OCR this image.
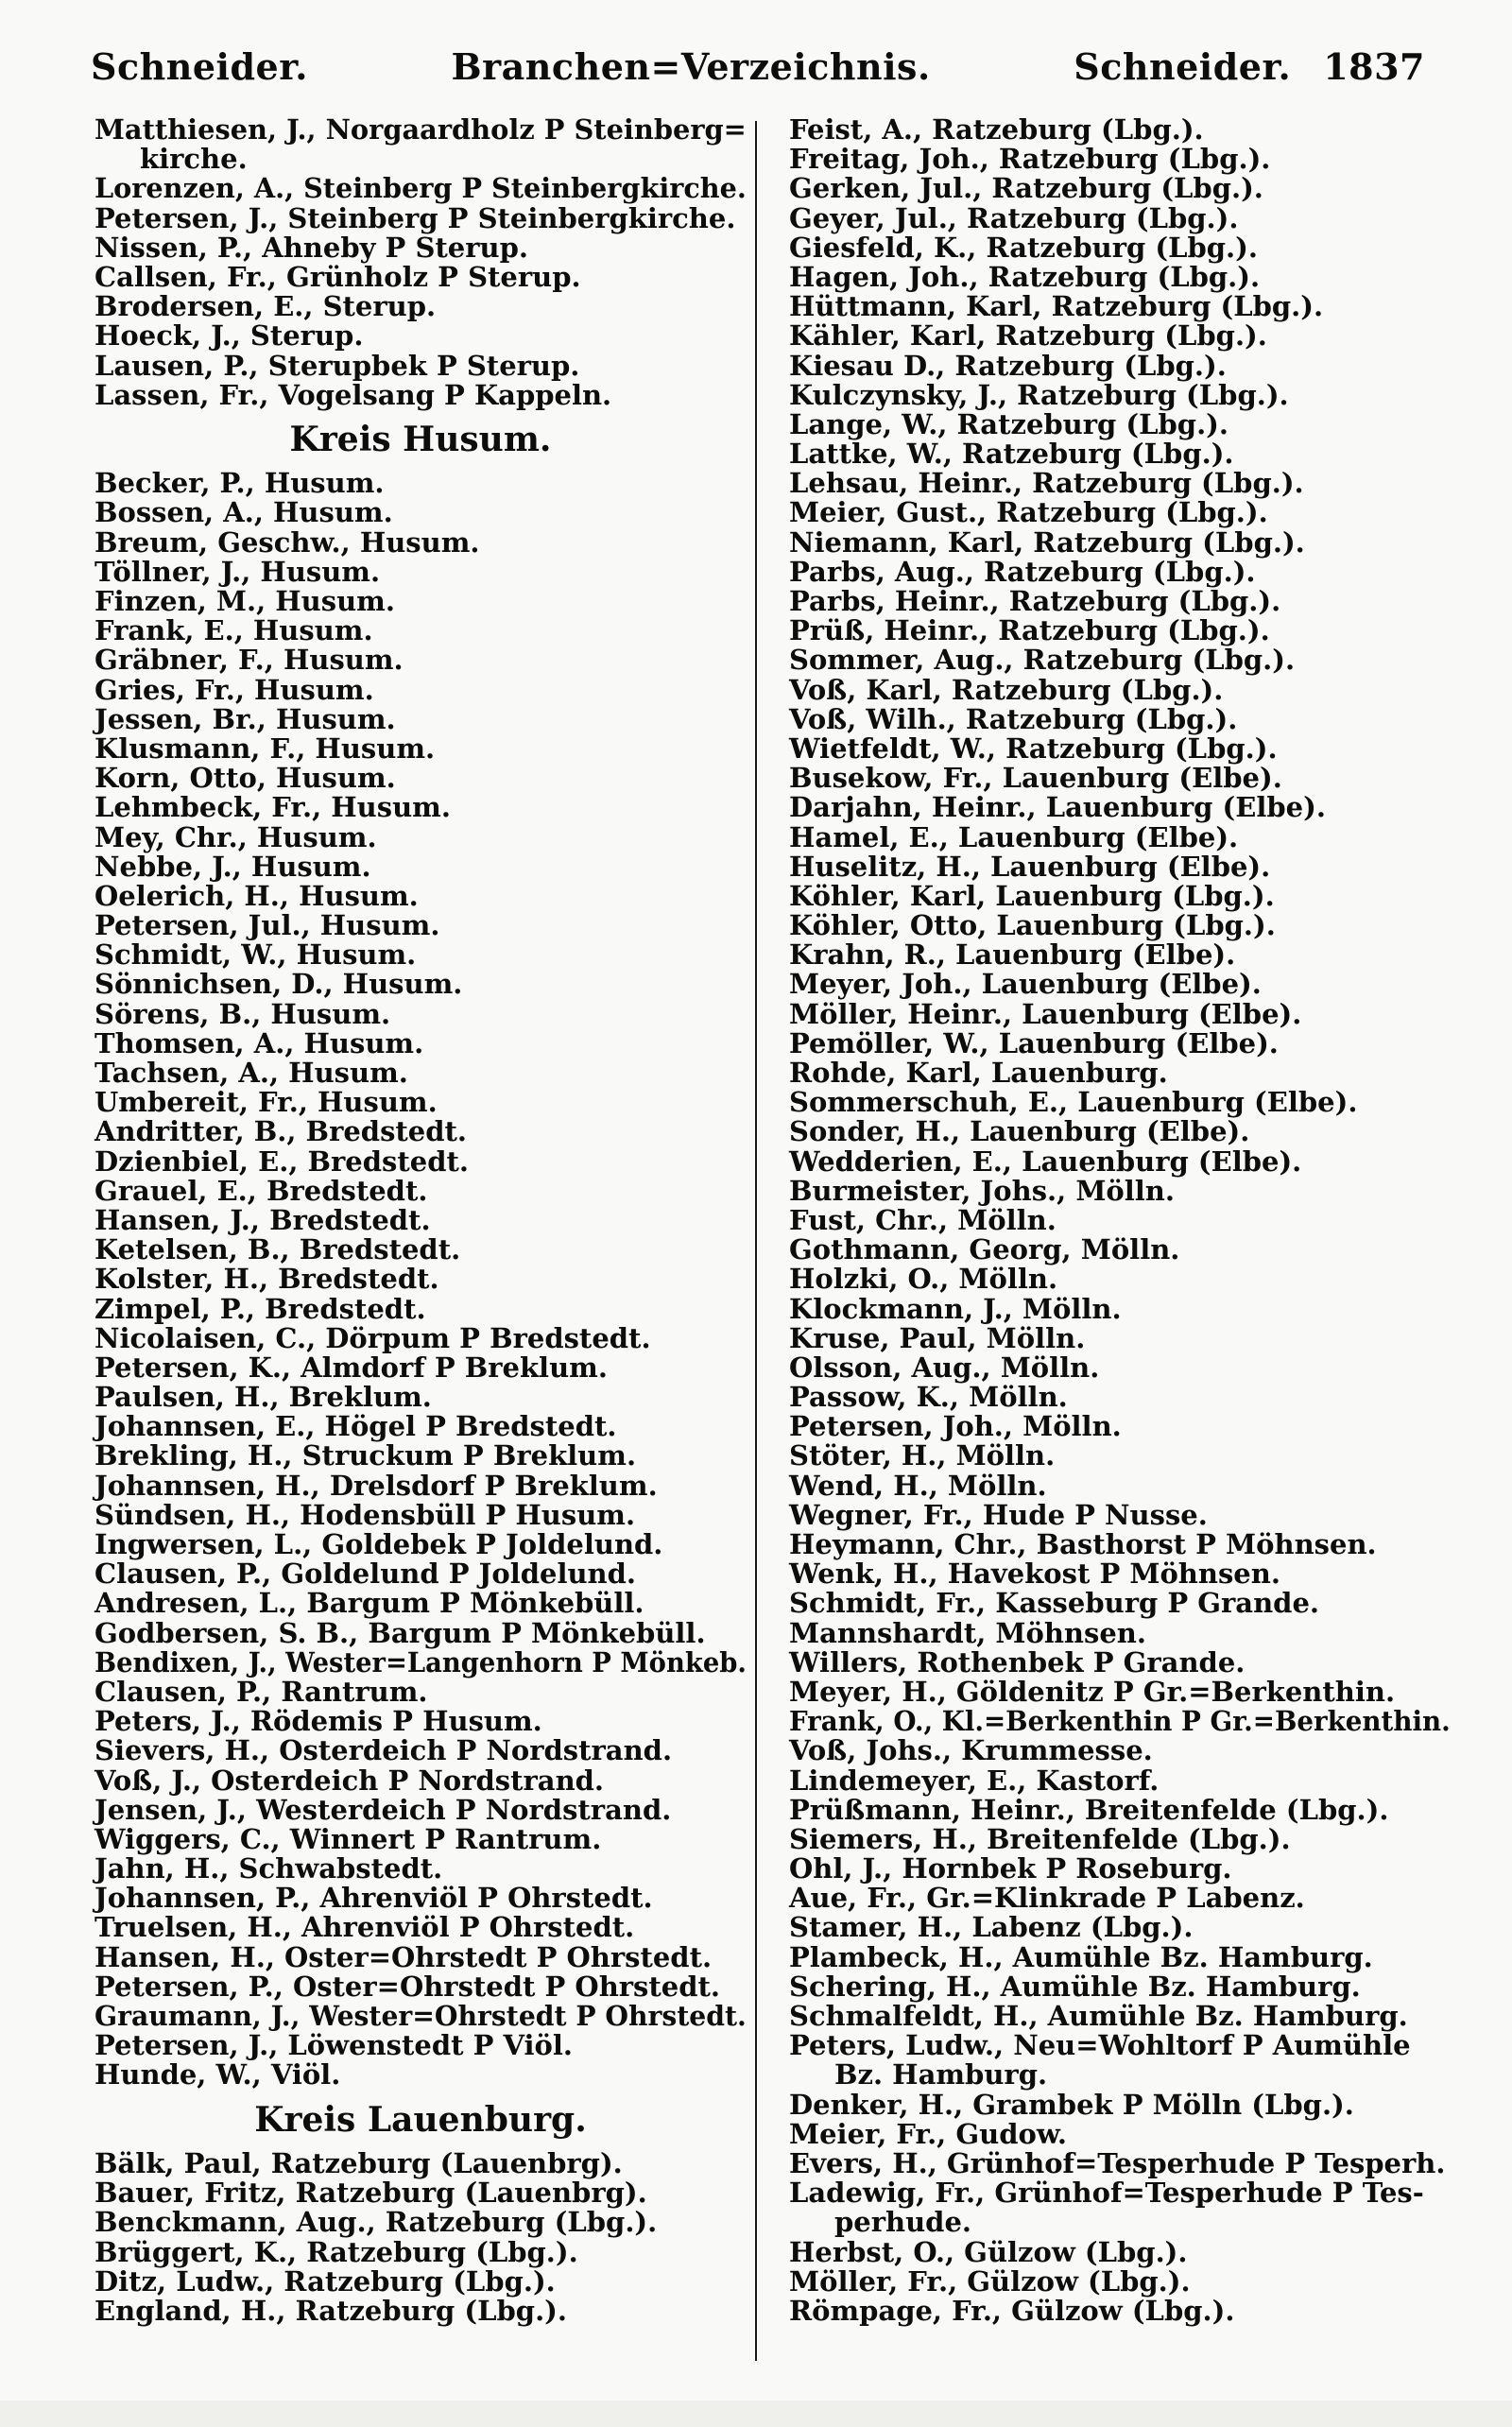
Schneider.	Branchen=Verzeichnis.	Schneider. 1837
Matthiesen, J., Norgaardholz P Steinberg=
kirche.
Lorenzen, A., Steinberg P Steinbergkirche.
Petersen, J., Steinberg P Steinbergkirche.
Nissen, P., Ahneby P Sterup.
Callsen, Fr., Grünholz P Sterup.
Brodersen, E., Sterup.
Hoeck, J., Sterup.
Lausen, P., Sterupbek P Sterup.
Lassen, Fr., Vogelsang P Kappeln.
Kreis Husum.
Becker, P., Husum.
Bossen, A., Husum.
Breum, Geschw., Husum.
Töllner, J., Husum.
Finzen, M., Husum.
Frank, E., Husum.
Gräbner, F., Husum.
Gries, Fr., Husum.
Jessen, Br., Husum.
Klusmann, F., Husum.
Korn, Otto, Husum.
Lehmbeck, Fr., Husum.
Mey, Chr., Husum.
Nebbe, J., Husum.
Oelerich, H., Husum.
Petersen, Jul., Husum.
Schmidt, W., Husum.
Sönnichsen, D., Husum.
Sörens, B., Husum.
Thomsen, A., Husum.
Tachsen, A., Husum.
Umbereit, Fr., Husum.
Andritter, B., Bredstedt.
Dzienbiel, E., Bredstedt.
Grauel, E., Bredstedt.
Hansen, J., Bredstedt.
Ketelsen, B., Bredstedt.
Kolster, H., Bredstedt.
Zimpel, P., Bredstedt.
Nicolaisen, C., Dörpum P Bredstedt.
Petersen, K., Almdorf P Breklum.
Paulsen, H., Breklum.
Johannsen, E., Högel P Bredstedt.
Brekling, H., Struckum P Breklum.
Johannsen, H., Drelsdorf P Breklum.
Sündsen, H., Hodensbüll P Husum.
Ingwersen, L., Goldebek P Joldelund.
Clausen, P., Goldelund P Joldelund.
Andresen, L., Bargum P Mönkebüll.
Godbersen, S. B., Bargum P Mönkebüll.
Bendixen, J., Wester=Langenhorn P Mönkeb.
Clausen, P., Rantrum.
Peters, J., Rödemis P Husum.
Sievers, H., Osterdeich P Nordstrand.
Voß, J., Osterdeich P Nordstrand.
Jensen, J., Westerdeich P Nordstrand.
Wiggers, C., Winnert P Rantrum.
Jahn, H., Schwabstedt.
Johannsen, P., Ahrenviöl P Ohrstedt.
Truelsen, H., Ahrenviöl P Ohrstedt.
Hansen, H., Oster=Ohrstedt P Ohrstedt.
Petersen, P., Oster=Ohrstedt P Ohrstedt.
Graumann, J., Wester=Ohrstedt P Ohrstedt.
Petersen, J., Löwenstedt P Viöl.
Hunde, W., Viöl.
Kreis Lauenburg.
Bälk, Paul, Ratzeburg (Lauenbrg).
Bauer, Fritz, Ratzeburg (Lauenbrg).
Benckmann, Aug., Ratzeburg (Lbg.).
Brüggert, K., Ratzeburg (Lbg.).
Ditz, Ludw., Ratzeburg (Lbg.).
England, H., Ratzeburg (Lbg.).
Feist, A., Ratzeburg (Lbg.).
Freitag, Joh., Ratzeburg (Lbg.).
Gerken, Jul., Ratzeburg (Lbg.).
Geyer, Jul., Ratzeburg (Lbg.).
Giesfeld, K., Ratzeburg (Lbg.).
Hagen, Joh., Ratzeburg (Lbg.).
Hüttmann, Karl, Ratzeburg (Lbg.).
Kähler, Karl, Ratzeburg (Lbg.).
Kiesau D., Ratzeburg (Lbg.).
Kulczynsky, J., Ratzeburg (Lbg.).
Lange, W., Ratzeburg (Lbg.).
Lattke, W., Ratzeburg (Lbg.).
Lehsau, Heinr., Ratzeburg (Lbg.).
Meier, Gust., Ratzeburg (Lbg.).
Niemann, Karl, Ratzeburg (Lbg.).
Parbs, Aug., Ratzeburg (Lbg.).
Parbs, Heinr., Ratzeburg (Lbg.).
Prüß, Heinr., Ratzeburg (Lbg.).
Sommer, Aug., Ratzeburg (Lbg.).
Voß, Karl, Ratzeburg (Lbg.).
Voß, Wilh., Ratzeburg (Lbg.).
Wietfeldt, W., Ratzeburg (Lbg.).
Busekow, Fr., Lauenburg (Elbe).
Darjahn, Heinr., Lauenburg (Elbe).
Hamel, E., Lauenburg (Elbe).
Huselitz, H., Lauenburg (Elbe).
Köhler, Karl, Lauenburg (Lbg.).
Köhler, Otto, Lauenburg (Lbg.).
Krahn, R., Lauenburg (Elbe).
Meyer, Joh., Lauenburg (Elbe).
Möller, Heinr., Lauenburg (Elbe).
Pemöller, W., Lauenburg (Elbe).
Rohde, Karl, Lauenburg.
Sommerschuh, E., Lauenburg (Elbe).
Sonder, H., Lauenburg (Elbe).
Wedderien, E., Lauenburg (Elbe).
Burmeister, Johs., Mölln.
Fust, Chr., Mölln.
Gothmann, Georg, Mölln.
Holzki, O., Mölln.
Klockmann, J., Mölln.
Kruse, Paul, Mölln.
Olsson, Aug., Mölln.
Passow, K., Mölln.
Petersen, Joh., Mölln.
Stöter, H., Mölln.
Wend, H., Mölln.
Wegner, Fr., Hude P Nusse.
Heymann, Chr., Basthorst P Möhnsen.
Wenk, H., Havekost P Möhnsen.
Schmidt, Fr., Kasseburg P Grande.
Mannshardt, Möhnsen.
Willers, Rothenbek P Grande.
Meyer, H., Göldenitz P Gr.=Berkenthin.
Frank, O., Kl.=Berkenthin P Gr.=Berkenthin.
Voß, Johs., Krummesse.
Lindemeyer, E., Kastorf.
Prüßmann, Heinr., Breitenfelde (Lbg.).
Siemers, H., Breitenfelde (Lbg.).
Ohl, J., Hornbek P Roseburg.
Aue, Fr., Gr.=Klinkrade P Labenz.
Stamer, H., Labenz (Lbg.).
Plambeck, H., Aumühle Bz. Hamburg.
Schering, H., Aumühle Bz. Hamburg.
Schmalfeldt, H., Aumühle Bz. Hamburg.
Peters, Ludw., Neu=Wohltorf P Aumühle
Bz. Hamburg.
Denker, H., Grambek P Mölln (Lbg.).
Meier, Fr., Gudow.
Evers, H., Grünhof=Tesperhude P Tesperh.
Ladewig, Fr., Grünhof=Tesperhude P Tes-
perhude.
Herbst, O., Gülzow (Lbg.).
Möller, Fr., Gülzow (Lbg.).
Römpage, Fr., Gülzow (Lbg.).
